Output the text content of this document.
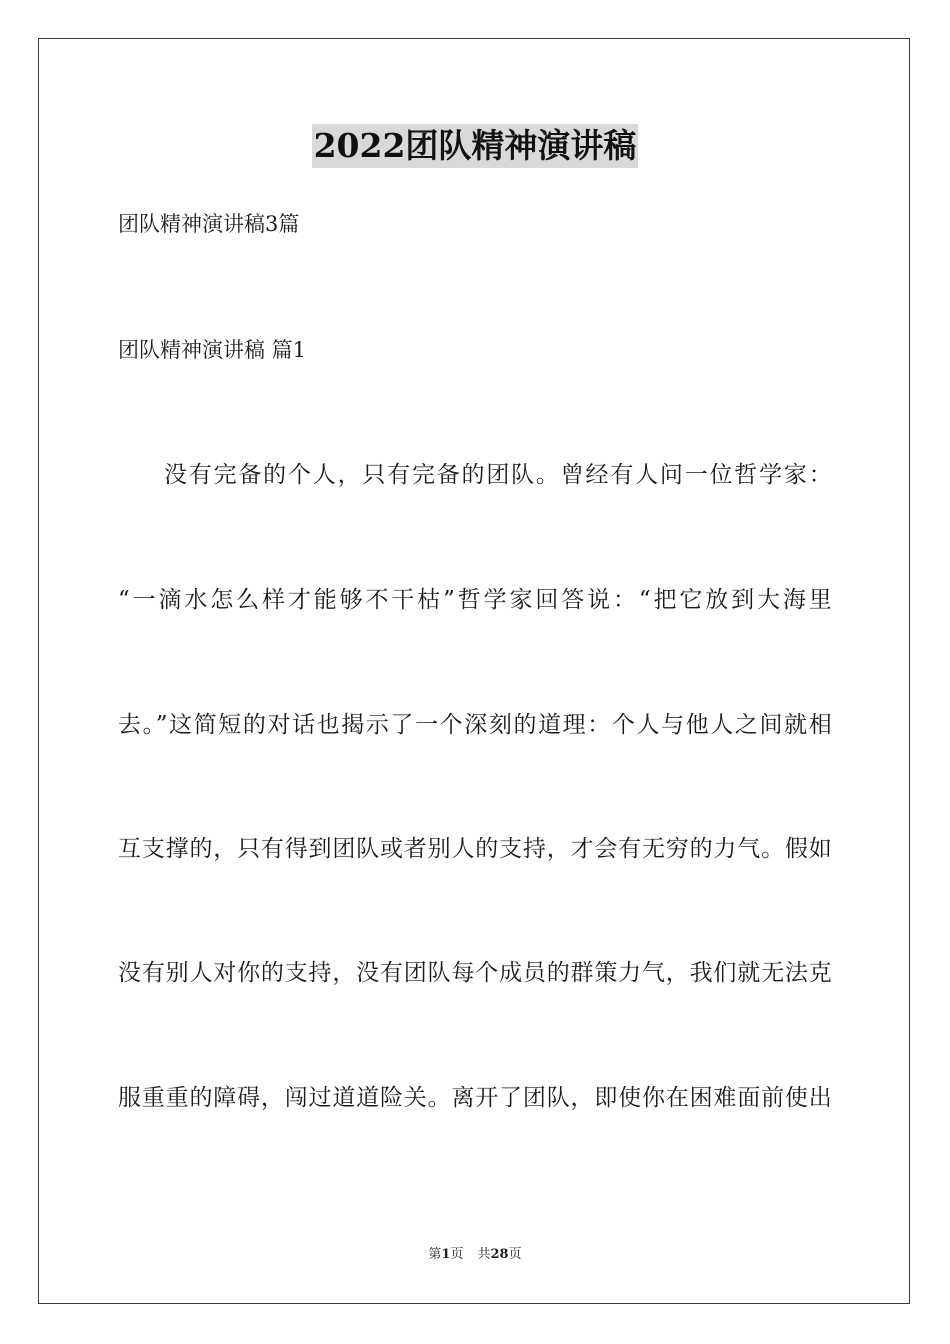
2022团队精神演讲稿
团队精神演讲稿3篇
团队精神演讲稿 篇1
没有完备的个人，只有完备的团队。曾经有人问一位哲学家：
“一滴水怎么样才能够不干枯”哲学家回答说：“把它放到大海里
去。”这简短的对话也揭示了一个深刻的道理：个人与他人之间就相
互支撑的，只有得到团队或者别人的支持，才会有无穷的力气。假如
没有别人对你的支持，没有团队每个成员的群策力气，我们就无法克
服重重的障碍，闯过道道险关。离开了团队，即使你在困难面前使出
第1页 共28页
